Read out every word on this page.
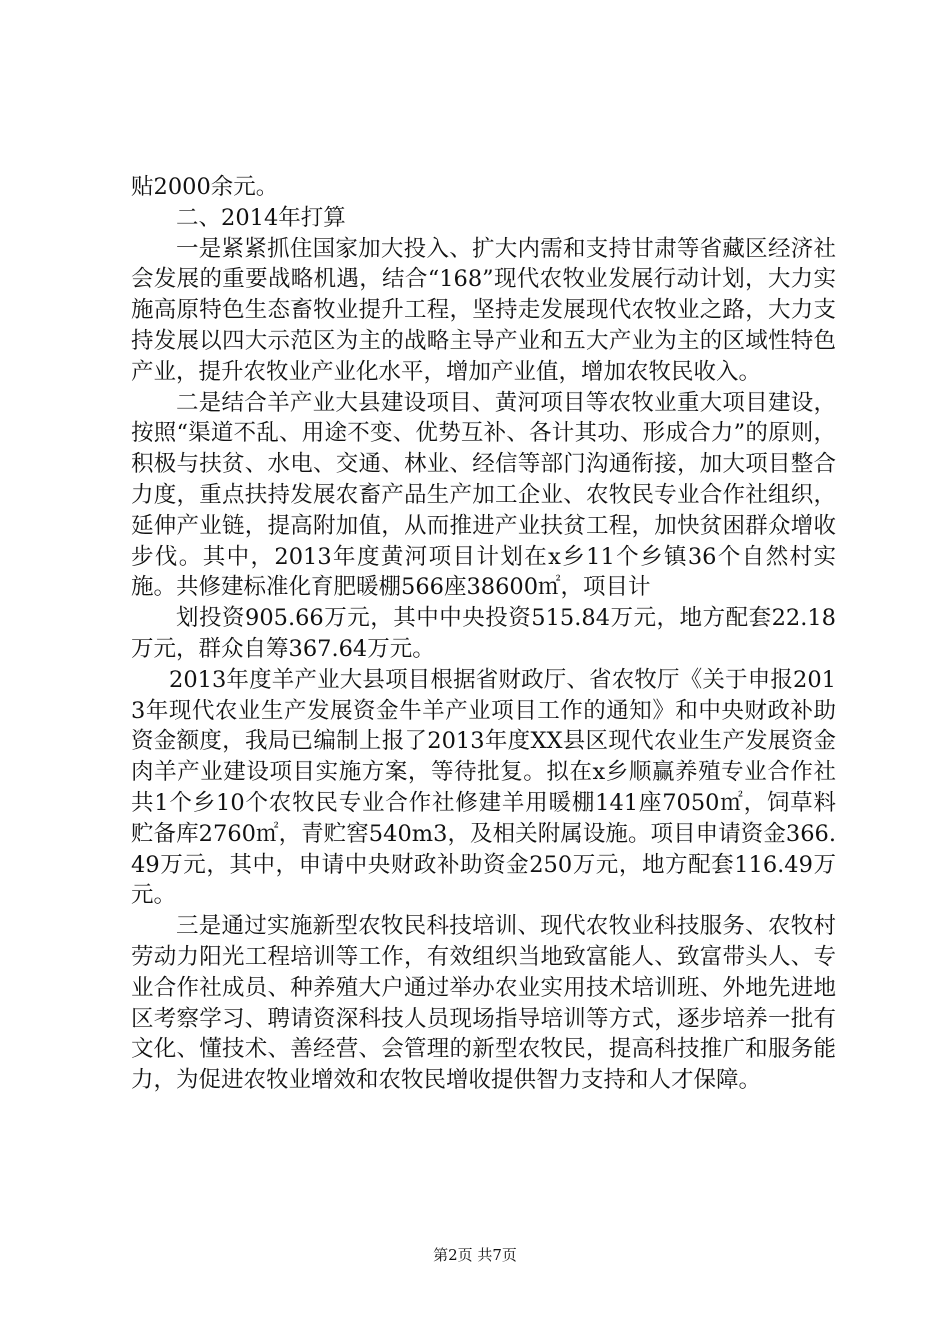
贴2000余元。

二、2014年打算

一是紧紧抓住国家加大投入、扩大内需和支持甘肃等省藏区经济社会发展的重要战略机遇，结合“168”现代农牧业发展行动计划，大力实施高原特色生态畜牧业提升工程，坚持走发展现代农牧业之路，大力支持发展以四大示范区为主的战略主导产业和五大产业为主的区域性特色产业，提升农牧业产业化水平，增加产业值，增加农牧民收入。

二是结合羊产业大县建设项目、黄河项目等农牧业重大项目建设，按照“渠道不乱、用途不变、优势互补、各计其功、形成合力”的原则，积极与扶贫、水电、交通、林业、经信等部门沟通衔接，加大项目整合力度，重点扶持发展农畜产品生产加工企业、农牧民专业合作社组织，延伸产业链，提高附加值，从而推进产业扶贫工程，加快贫困群众增收步伐。其中，2013年度黄河项目计划在x乡11个乡镇36个自然村实施。共修建标准化育肥暖棚566座38600㎡，项目计

划投资905.66万元，其中中央投资515.84万元，地方配套22.18万元，群众自筹367.64万元。

2013年度羊产业大县项目根据省财政厅、省农牧厅《关于申报2013年现代农业生产发展资金牛羊产业项目工作的通知》和中央财政补助资金额度，我局已编制上报了2013年度XX县区现代农业生产发展资金肉羊产业建设项目实施方案，等待批复。拟在x乡顺赢养殖专业合作社共1个乡10个农牧民专业合作社修建羊用暖棚141座7050㎡，饲草料贮备库2760㎡，青贮窖540m3，及相关附属设施。项目申请资金366.49万元，其中，申请中央财政补助资金250万元，地方配套116.49万元。

三是通过实施新型农牧民科技培训、现代农牧业科技服务、农牧村劳动力阳光工程培训等工作，有效组织当地致富能人、致富带头人、专业合作社成员、种养殖大户通过举办农业实用技术培训班、外地先进地区考察学习、聘请资深科技人员现场指导培训等方式，逐步培养一批有文化、懂技术、善经营、会管理的新型农牧民，提高科技推广和服务能力，为促进农牧业增效和农牧民增收提供智力支持和人才保障。

第2页 共7页
